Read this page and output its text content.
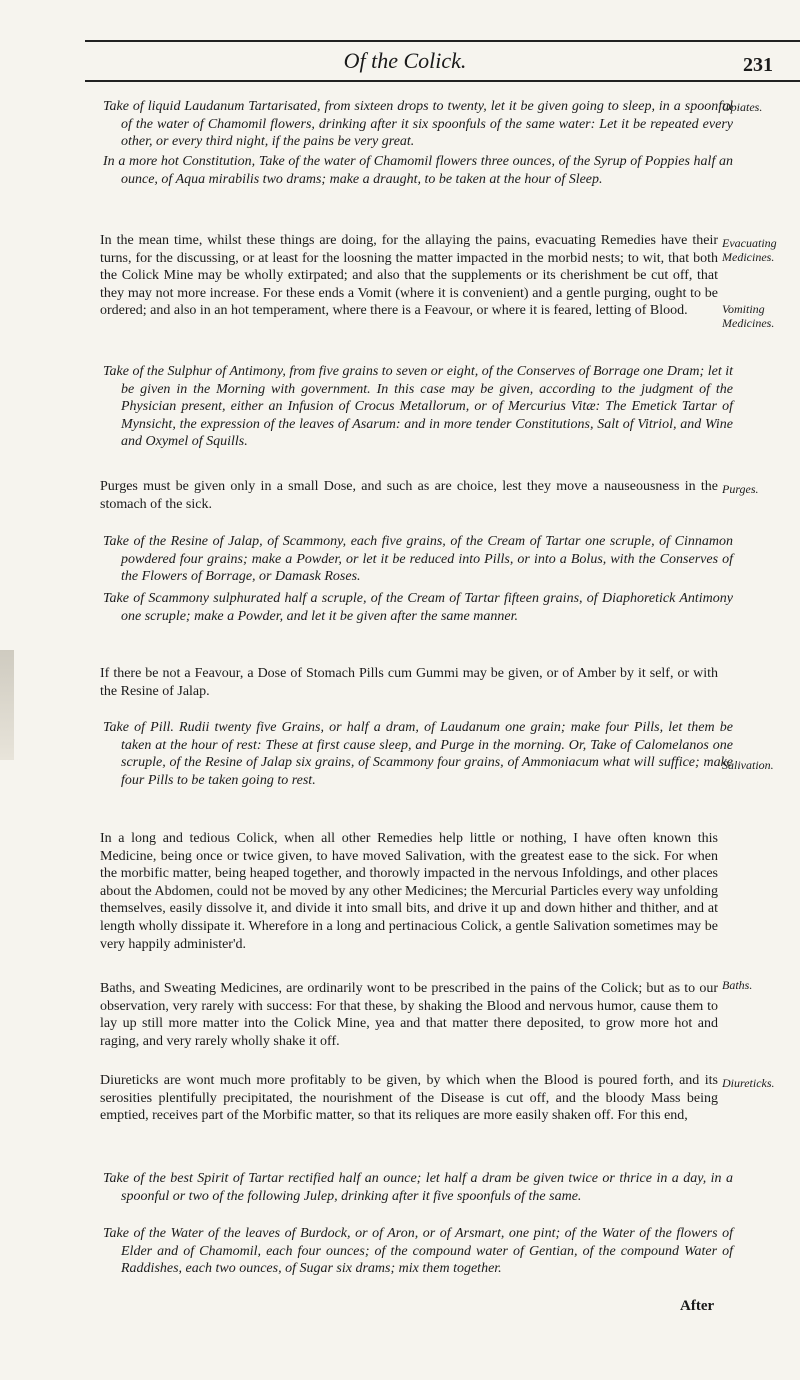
Of the Colick.	231
Take of liquid Laudanum Tartarisated, from sixteen drops to twenty, let it be given going to sleep, in a spoonful of the water of Chamomil flowers, drinking after it six spoonfuls of the same water: Let it be repeated every other, or every third night, if the pains be very great.
In a more hot Constitution, Take of the water of Chamomil flowers three ounces, of the Syrup of Poppies half an ounce, of Aqua mirabilis two drams; make a draught, to be taken at the hour of Sleep.
In the mean time, whilst these things are doing, for the allaying the pains, evacuating Remedies have their turns, for the discussing, or at least for the loosning the matter impacted in the morbid nests; to wit, that both the Colick Mine may be wholly extirpated; and also that the supplements or its cherishment be cut off, that they may not more increase. For these ends a Vomit (where it is convenient) and a gentle purging, ought to be ordered; and also in an hot temperament, where there is a Feavour, or where it is feared, letting of Blood.
Take of the Sulphur of Antimony, from five grains to seven or eight, of the Conserves of Borrage one Dram; let it be given in the Morning with government. In this case may be given, according to the judgment of the Physician present, either an Infusion of Crocus Metallorum, or of Mercurius Vitæ: The Emetick Tartar of Mynsicht, the expression of the leaves of Asarum: and in more tender Constitutions, Salt of Vitriol, and Wine and Oxymel of Squills.
Purges must be given only in a small Dose, and such as are choice, lest they move a nauseousness in the stomach of the sick.
Take of the Resine of Jalap, of Scammony, each five grains, of the Cream of Tartar one scruple, of Cinnamon powdered four grains; make a Powder, or let it be reduced into Pills, or into a Bolus, with the Conserves of the Flowers of Borrage, or Damask Roses.
Take of Scammony sulphurated half a scruple, of the Cream of Tartar fifteen grains, of Diaphoretick Antimony one scruple; make a Powder, and let it be given after the same manner.
If there be not a Feavour, a Dose of Stomach Pills cum Gummi may be given, or of Amber by it self, or with the Resine of Jalap.
Take of Pill. Rudii twenty five Grains, or half a dram, of Laudanum one grain; make four Pills, let them be taken at the hour of rest: These at first cause sleep, and Purge in the morning. Or, Take of Calomelanos one scruple, of the Resine of Jalap six grains, of Scammony four grains, of Ammoniacum what will suffice; make four Pills to be taken going to rest.
In a long and tedious Colick, when all other Remedies help little or nothing, I have often known this Medicine, being once or twice given, to have moved Salivation, with the greatest ease to the sick. For when the morbific matter, being heaped together, and thorowly impacted in the nervous Infoldings, and other places about the Abdomen, could not be moved by any other Medicines; the Mercurial Particles every way unfolding themselves, easily dissolve it, and divide it into small bits, and drive it up and down hither and thither, and at length wholly dissipate it. Wherefore in a long and pertinacious Colick, a gentle Salivation sometimes may be very happily administer'd.
Baths, and Sweating Medicines, are ordinarily wont to be prescribed in the pains of the Colick; but as to our observation, very rarely with success: For that these, by shaking the Blood and nervous humor, cause them to lay up still more matter into the Colick Mine, yea and that matter there deposited, to grow more hot and raging, and very rarely wholly shake it off.
Diureticks are wont much more profitably to be given, by which when the Blood is poured forth, and its serosities plentifully precipitated, the nourishment of the Disease is cut off, and the bloody Mass being emptied, receives part of the Morbific matter, so that its reliques are more easily shaken off. For this end,
Take of the best Spirit of Tartar rectified half an ounce; let half a dram be given twice or thrice in a day, in a spoonful or two of the following Julep, drinking after it five spoonfuls of the same.
Take of the Water of the leaves of Burdock, or of Aron, or of Arsmart, one pint; of the Water of the flowers of Elder and of Chamomil, each four ounces; of the compound water of Gentian, of the compound Water of Raddishes, each two ounces, of Sugar six drams; mix them together.
Opiates.
Evacuating Medicines.
Vomiting Medicines.
Purges.
Salivation.
Baths.
Diureticks.
After
